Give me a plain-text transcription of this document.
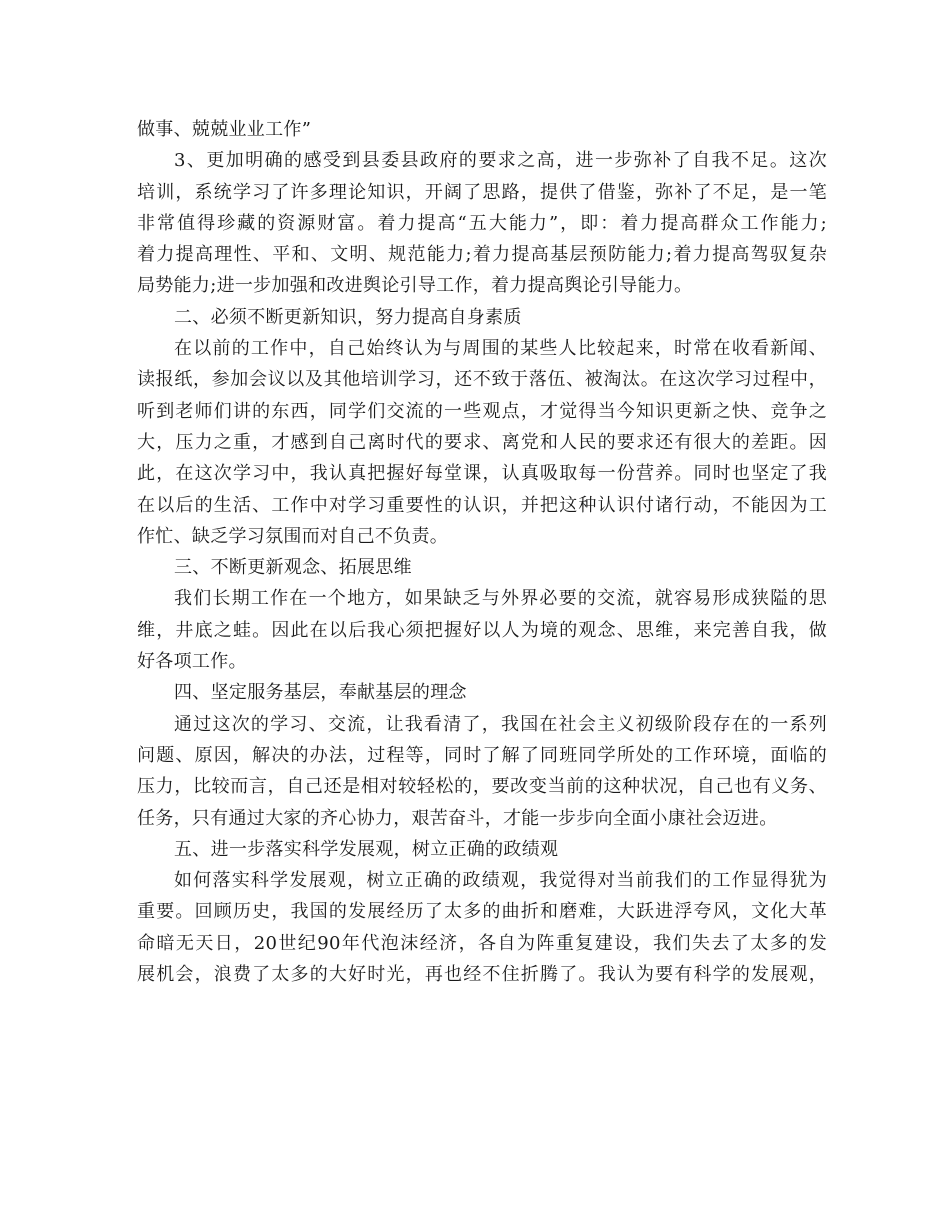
做事、兢兢业业工作”
3、更加明确的感受到县委县政府的要求之高，进一步弥补了自我不足。这次
培训，系统学习了许多理论知识，开阔了思路，提供了借鉴，弥补了不足，是一笔
非常值得珍藏的资源财富。着力提高“五大能力”，即：着力提高群众工作能力;
着力提高理性、平和、文明、规范能力;着力提高基层预防能力;着力提高驾驭复杂
局势能力;进一步加强和改进舆论引导工作，着力提高舆论引导能力。
二、必须不断更新知识，努力提高自身素质
在以前的工作中，自己始终认为与周围的某些人比较起来，时常在收看新闻、
读报纸，参加会议以及其他培训学习，还不致于落伍、被淘汰。在这次学习过程中，
听到老师们讲的东西，同学们交流的一些观点，才觉得当今知识更新之快、竞争之
大，压力之重，才感到自己离时代的要求、离党和人民的要求还有很大的差距。因
此，在这次学习中，我认真把握好每堂课，认真吸取每一份营养。同时也坚定了我
在以后的生活、工作中对学习重要性的认识，并把这种认识付诸行动，不能因为工
作忙、缺乏学习氛围而对自己不负责。
三、不断更新观念、拓展思维
我们长期工作在一个地方，如果缺乏与外界必要的交流，就容易形成狭隘的思
维，井底之蛙。因此在以后我心须把握好以人为境的观念、思维，来完善自我，做
好各项工作。
四、坚定服务基层，奉献基层的理念
通过这次的学习、交流，让我看清了，我国在社会主义初级阶段存在的一系列
问题、原因，解决的办法，过程等，同时了解了同班同学所处的工作环境，面临的
压力，比较而言，自己还是相对较轻松的，要改变当前的这种状况，自己也有义务、
任务，只有通过大家的齐心协力，艰苦奋斗，才能一步步向全面小康社会迈进。
五、进一步落实科学发展观，树立正确的政绩观
如何落实科学发展观，树立正确的政绩观，我觉得对当前我们的工作显得犹为
重要。回顾历史，我国的发展经历了太多的曲折和磨难，大跃进浮夸风，文化大革
命暗无天日，20世纪90年代泡沫经济，各自为阵重复建设，我们失去了太多的发
展机会，浪费了太多的大好时光，再也经不住折腾了。我认为要有科学的发展观，
